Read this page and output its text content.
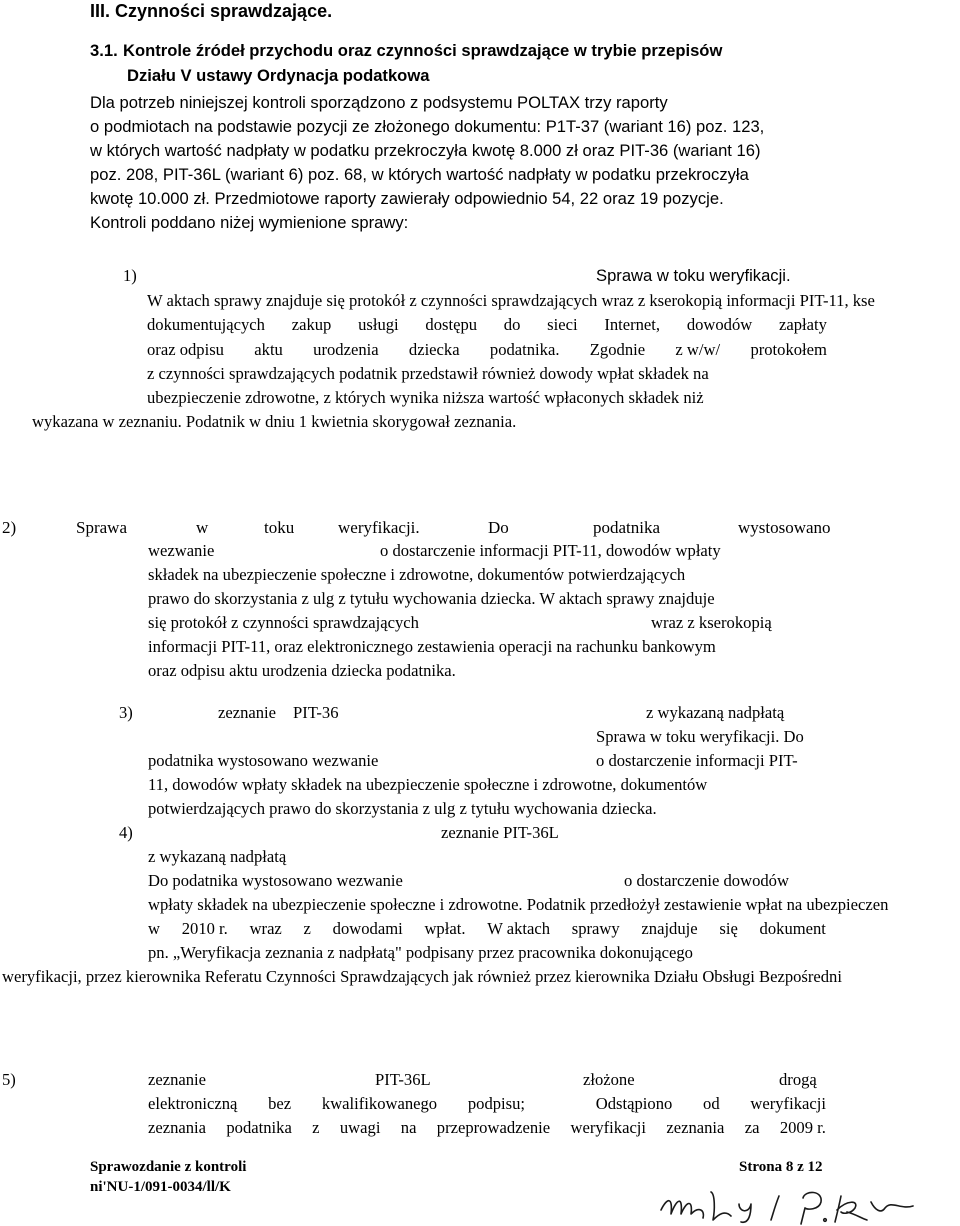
III. Czynności sprawdzające.
3.1. Kontrole źródeł przychodu oraz czynności sprawdzające w trybie przepisów
Działu V ustawy Ordynacja podatkowa
Dla potrzeb niniejszej kontroli sporządzono z podsystemu POLTAX trzy raporty
o podmiotach na podstawie pozycji ze złożonego dokumentu: P1T-37 (wariant 16) poz. 123,
w których wartość nadpłaty w podatku przekroczyła kwotę 8.000 zł oraz PIT-36 (wariant 16)
poz. 208, PIT-36L (wariant 6) poz. 68, w których wartość nadpłaty w podatku przekroczyła
kwotę 10.000 zł. Przedmiotowe raporty zawierały odpowiednio 54, 22 oraz 19 pozycje.
Kontroli poddano niżej wymienione sprawy:
1)	Sprawa w toku weryfikacji.
W aktach sprawy znajduje się protokół z czynności sprawdzających wraz z kserokopią informacji PIT-11, kse
dokumentujących zakup usługi dostępu do sieci Internet, dowodów zapłaty
oraz odpisu aktu urodzenia dziecka podatnika. Zgodnie z w/w/ protokołem
z czynności sprawdzających podatnik przedstawił również dowody wpłat składek na
ubezpieczenie zdrowotne, z których wynika niższa wartość wpłaconych składek niż
wykazana w zeznaniu. Podatnik w dniu 1 kwietnia skorygował zeznania.
2)	Sprawa	w	toku	weryfikacji.	Do	podatnika	wystosowano
wezwanie	o dostarczenie informacji PIT-11, dowodów wpłaty
składek na ubezpieczenie społeczne i zdrowotne, dokumentów potwierdzających
prawo do skorzystania z ulg z tytułu wychowania dziecka. W aktach sprawy znajduje
się protokół z czynności sprawdzających	wraz z kserokopią
informacji PIT-11, oraz elektronicznego zestawienia operacji na rachunku bankowym
oraz odpisu aktu urodzenia dziecka podatnika.
3)	zeznanie PIT-36	z wykazaną nadpłatą
Sprawa w toku weryfikacji. Do
podatnika wystosowano wezwanie	o dostarczenie informacji PIT-
11, dowodów wpłaty składek na ubezpieczenie społeczne i zdrowotne, dokumentów
potwierdzających prawo do skorzystania z ulg z tytułu wychowania dziecka.
4)	zeznanie PIT-36L
z wykazaną nadpłatą
Do podatnika wystosowano wezwanie	o dostarczenie dowodów
wpłaty składek na ubezpieczenie społeczne i zdrowotne. Podatnik przedłożył zestawienie wpłat na ubezpieczen
w 2010 r. wraz z dowodami wpłat. W aktach sprawy znajduje się dokument
pn. „Weryfikacja zeznania z nadpłatą" podpisany przez pracownika dokonującego
weryfikacji, przez kierownika Referatu Czynności Sprawdzających jak również przez kierownika Działu Obsługi Bezpośredni
5)	zeznanie	PIT-36L	złożone	drogą
elektroniczną bez kwalifikowanego podpisu;	Odstąpiono od weryfikacji
zeznania podatnika z uwagi na przeprowadzenie weryfikacji zeznania za 2009 r.
Sprawozdanie z kontroli
ni'NU-1/091-0034/ll/K
Strona 8 z 12
